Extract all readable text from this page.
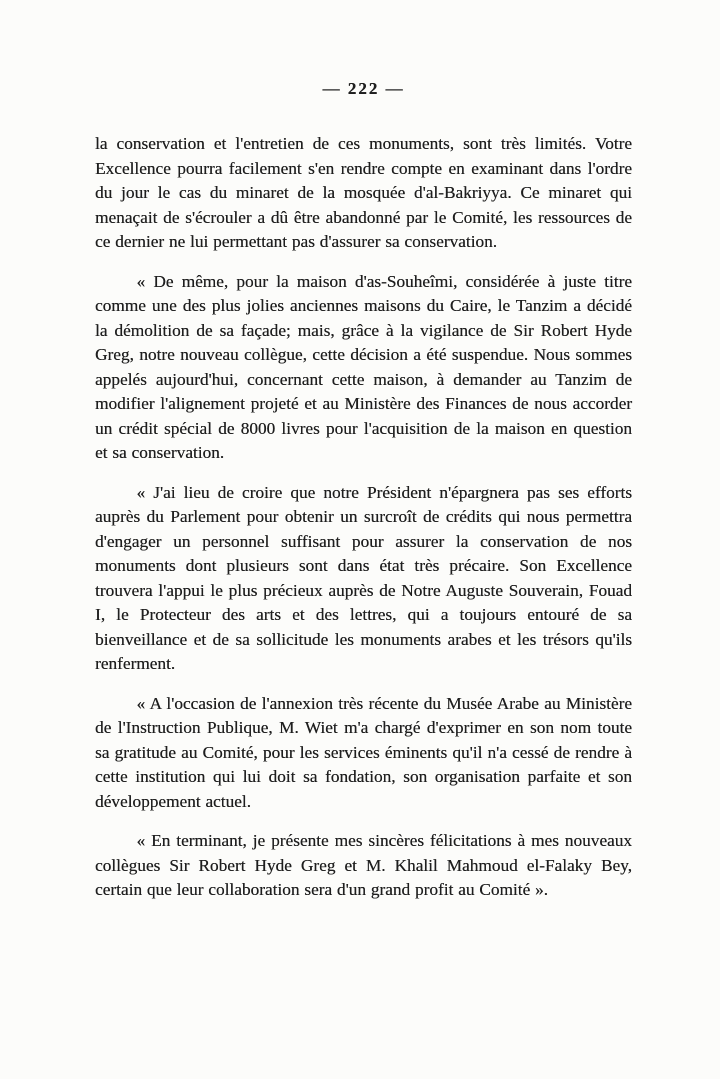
— 222 —

la conservation et l'entretien de ces monuments, sont très limités. Votre Excellence pourra facilement s'en rendre compte en examinant dans l'ordre du jour le cas du minaret de la mosquée d'al-Bakriyya. Ce minaret qui menaçait de s'écrouler a dû être abandonné par le Comité, les ressources de ce dernier ne lui permettant pas d'assurer sa conservation.

« De même, pour la maison d'as-Souheîmi, considérée à juste titre comme une des plus jolies anciennes maisons du Caire, le Tanzim a décidé la démolition de sa façade; mais, grâce à la vigilance de Sir Robert Hyde Greg, notre nouveau collègue, cette décision a été suspendue. Nous sommes appelés aujourd'hui, concernant cette maison, à demander au Tanzim de modifier l'alignement projeté et au Ministère des Finances de nous accorder un crédit spécial de 8000 livres pour l'acquisition de la maison en question et sa conservation.

« J'ai lieu de croire que notre Président n'épargnera pas ses efforts auprès du Parlement pour obtenir un surcroît de crédits qui nous permettra d'engager un personnel suffisant pour assurer la conservation de nos monuments dont plusieurs sont dans état très précaire. Son Excellence trouvera l'appui le plus précieux auprès de Notre Auguste Souverain, Fouad I, le Protecteur des arts et des lettres, qui a toujours entouré de sa bienveillance et de sa sollicitude les monuments arabes et les trésors qu'ils renferment.

« A l'occasion de l'annexion très récente du Musée Arabe au Ministère de l'Instruction Publique, M. Wiet m'a chargé d'exprimer en son nom toute sa gratitude au Comité, pour les services éminents qu'il n'a cessé de rendre à cette institution qui lui doit sa fondation, son organisation parfaite et son développement actuel.

« En terminant, je présente mes sincères félicitations à mes nouveaux collègues Sir Robert Hyde Greg et M. Khalil Mahmoud el-Falaky Bey, certain que leur collaboration sera d'un grand profit au Comité ».
